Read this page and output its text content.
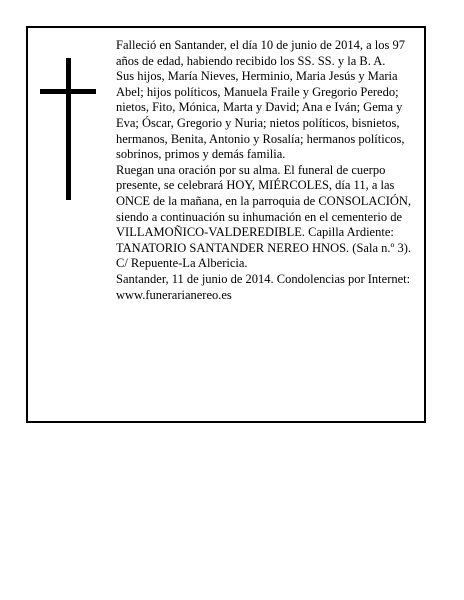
Falleció en Santander, el día 10 de junio de 2014, a los 97 años de edad, habiendo recibido los SS. SS. y la B. A.

Sus hijos, María Nieves, Herminio, Maria Jesús y Maria Abel; hijos políticos, Manuela Fraile y Gregorio Peredo; nietos, Fito, Mónica, Marta y David; Ana e Iván; Gema y Eva; Óscar, Gregorio y Nuria; nietos políticos, bisnietos, hermanos, Benita, Antonio y Rosalía; hermanos políticos, sobrinos, primos y demás familia.

Ruegan una oración por su alma. El funeral de cuerpo presente, se celebrará HOY, MIÉRCOLES, día 11, a las ONCE de la mañana, en la parroquia de CONSOLACIÓN, siendo a continuación su inhumación en el cementerio de VILLAMOÑICO-VALDEREDIBLE. Capilla Ardiente: TANATORIO SANTANDER NEREO HNOS. (Sala n.º 3). C/ Repuente-La Albericia.

Santander, 11 de junio de 2014. Condolencias por Internet: www.funerarianereo.es
